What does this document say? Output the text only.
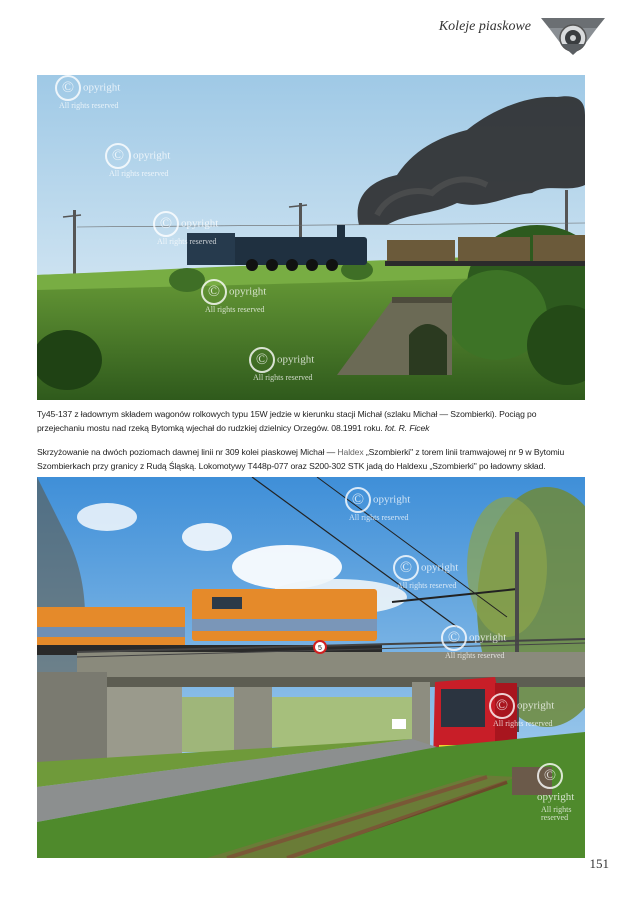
Koleje piaskowe
© opyright
All rights reserved
© opyright
All rights reserved
© opyright
All rights reserved
© opyright
All rights reserved
© opyright
All rights reserved
Ty45-137 z ładownym składem wagonów rolkowych typu 15W jedzie w kierunku stacji Michał (szlaku Michał — Szombierki). Pociąg po przejechaniu mostu nad rzeką Bytomką wjechał do rudzkiej dzielnicy Orzegów. 08.1991 roku. fot. R. Ficek
Skrzyżowanie na dwóch poziomach dawnej linii nr 309 kolei piaskowej Michał — Haldex „Szombierki" z torem linii tramwajowej nr 9 w Bytomiu Szombierkach przy granicy z Rudą Śląską. Lokomotywy T448p-077 oraz S200-302 STK jadą do Haldexu „Szombierki" po ładowny skład.
5
© opyright
All rights reserved
© opyright
All rights reserved
© opyright
All rights reserved
© opyright
All rights reserved
©opyright
All rights reserved
151
